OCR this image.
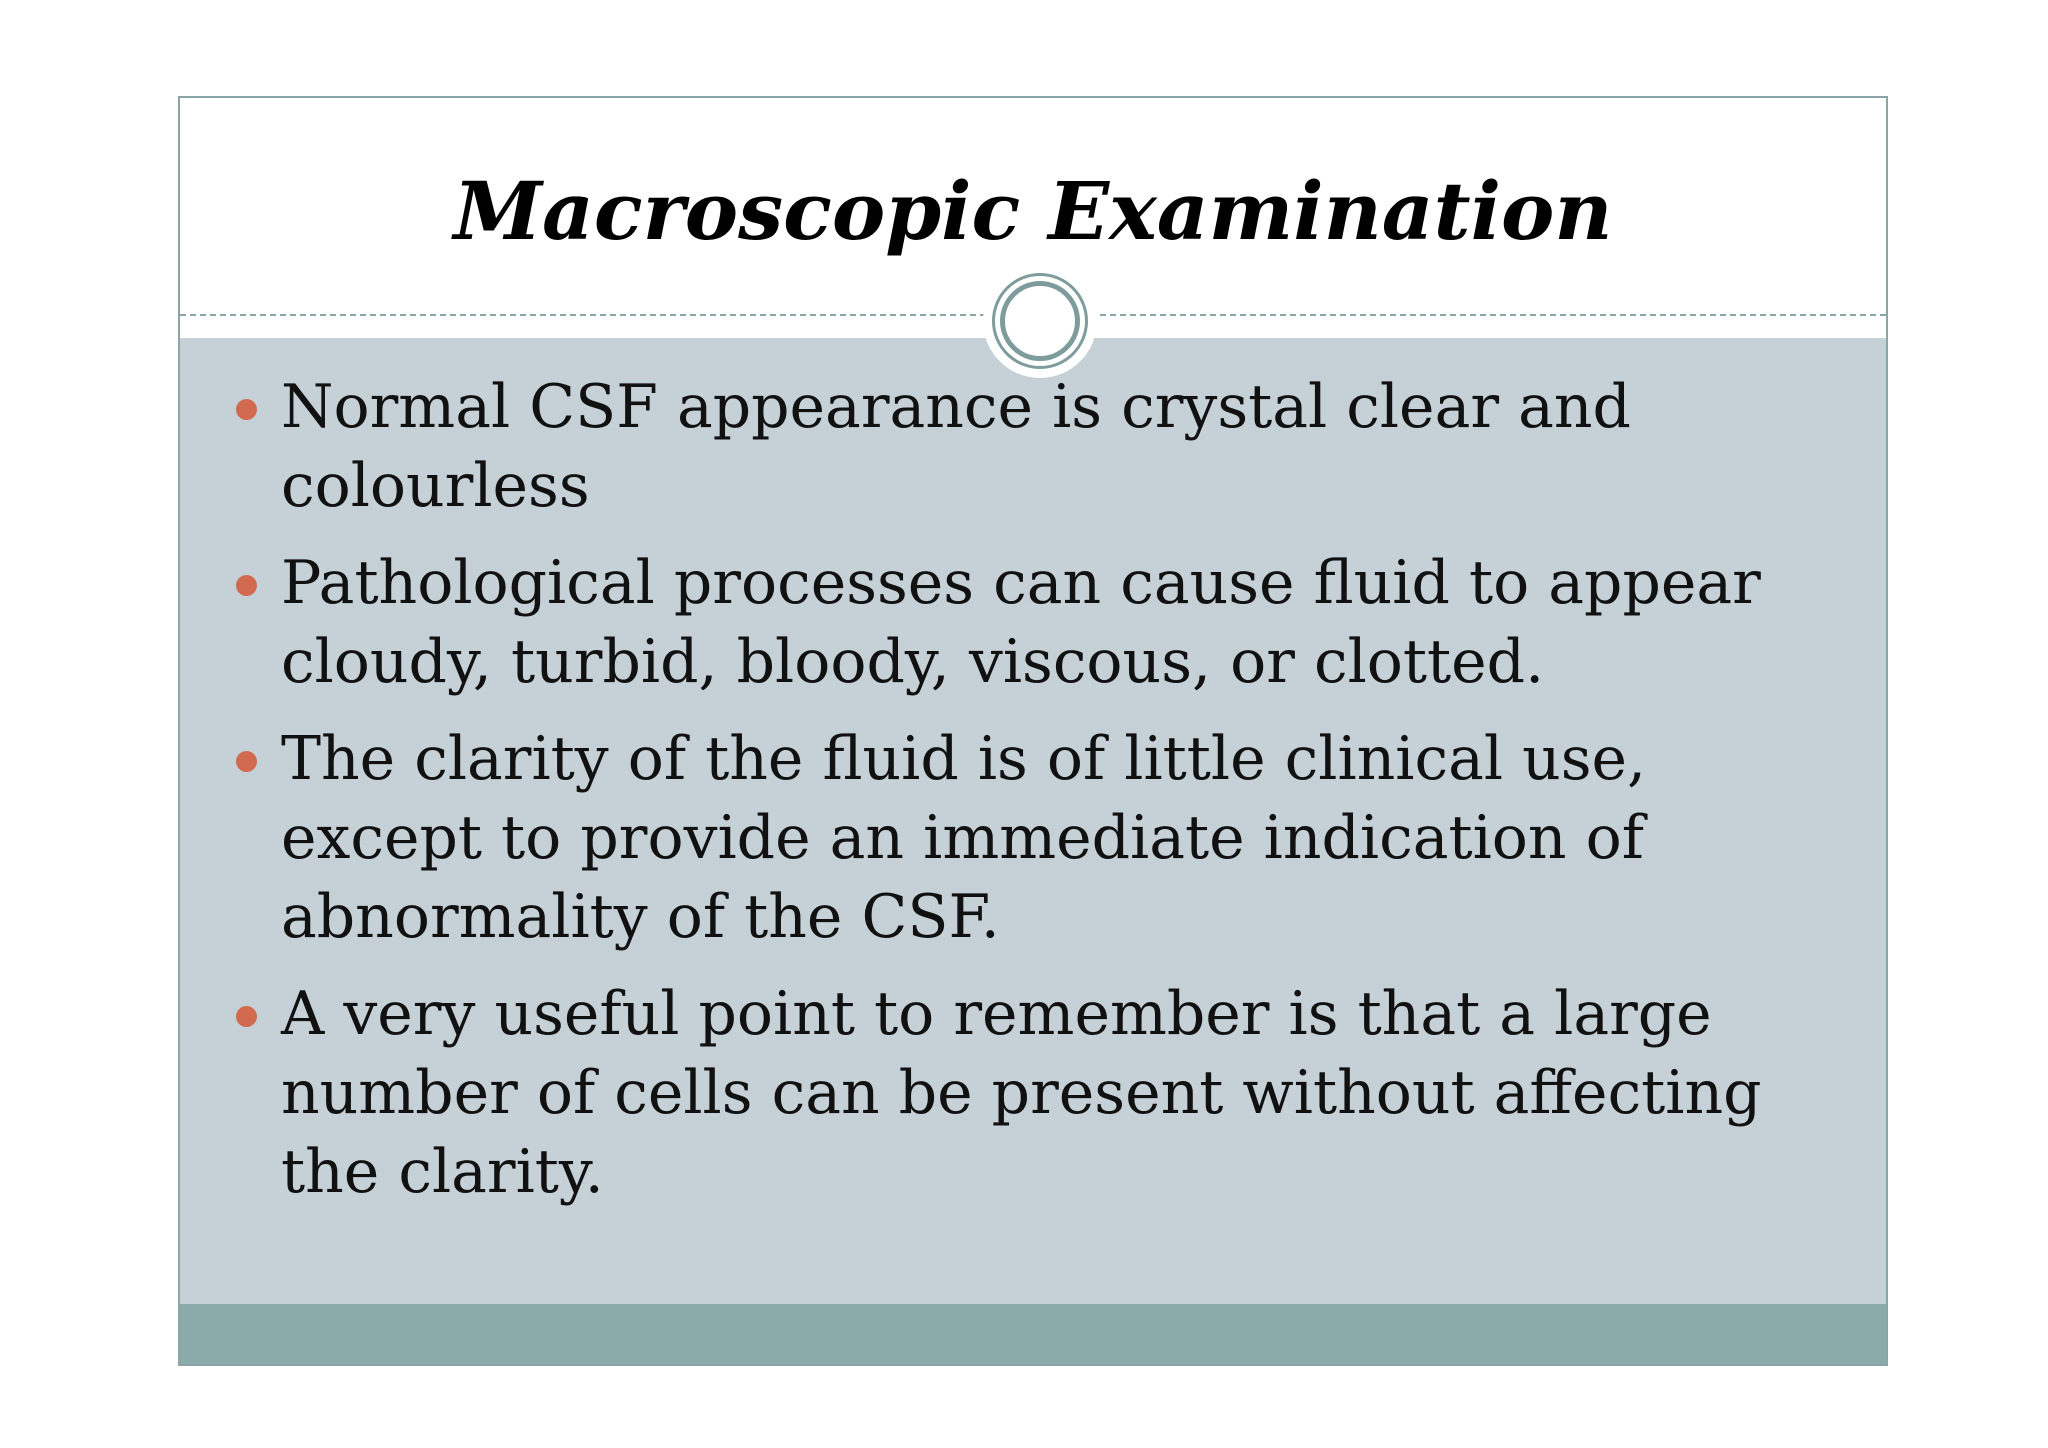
Macroscopic Examination
Normal CSF appearance is crystal clear and colourless
Pathological processes can cause fluid to appear cloudy, turbid, bloody, viscous, or clotted.
The clarity of the fluid is of little clinical use, except to provide an immediate indication of abnormality of the CSF.
A very useful point to remember is that a large number of cells can be present without affecting the clarity.
